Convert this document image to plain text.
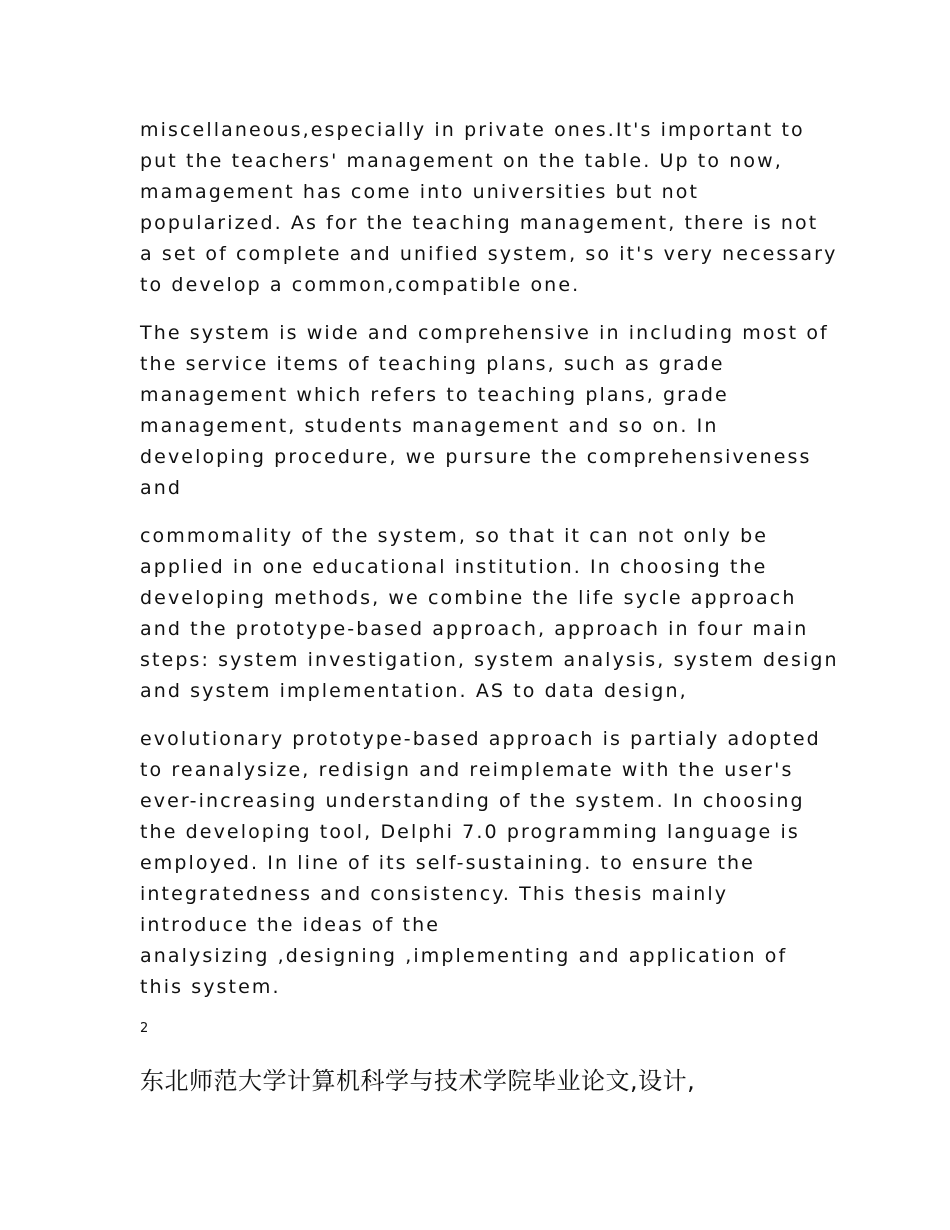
miscellaneous,especially in private ones.It's important to
put the teachers' management on the table. Up to now,
mamagement has come into universities but not
popularized. As for the teaching management, there is not
a set of complete and unified system, so it's very necessary
to develop a common,compatible one.

The system is wide and comprehensive in including most of
the service items of teaching plans, such as grade
management which refers to teaching plans, grade
management, students management and so on. In
developing procedure, we pursure the comprehensiveness
and

commomality of the system, so that it can not only be
applied in one educational institution. In choosing the
developing methods, we combine the life sycle approach
and the prototype-based approach, approach in four main
steps: system investigation, system analysis, system design
and system implementation. AS to data design,

evolutionary prototype-based approach is partialy adopted
to reanalysize, redisign and reimplemate with the user's
ever-increasing understanding of the system. In choosing
the developing tool, Delphi 7.0 programming language is
employed. In line of its self-sustaining. to ensure the
integratedness and consistency. This thesis mainly
introduce the ideas of the
analysizing ,designing ,implementing and application of
this system.

2
东北师范大学计算机科学与技术学院毕业论文,设计,
